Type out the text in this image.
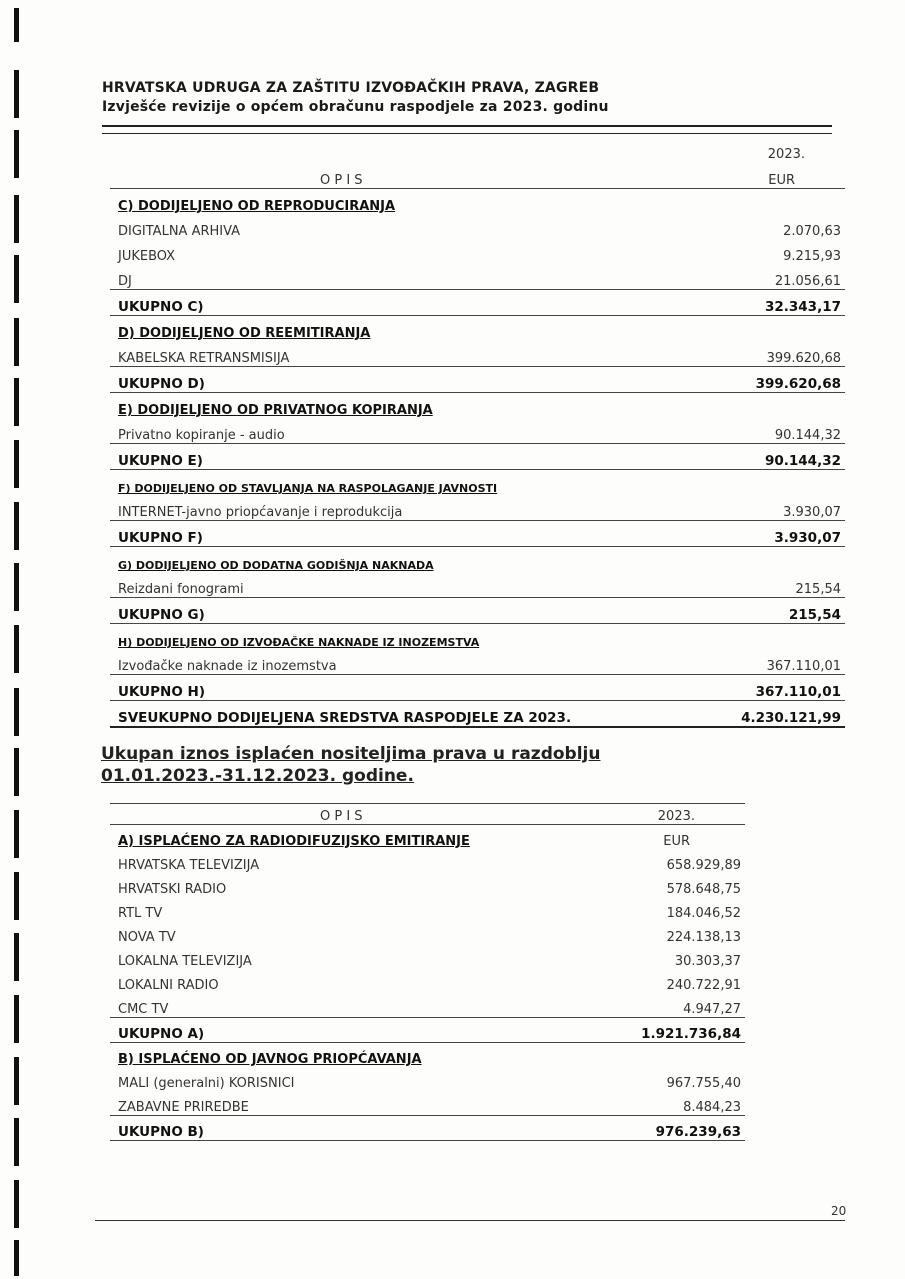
HRVATSKA UDRUGA ZA ZAŠTITU IZVOĐAČKIH PRAVA, ZAGREB
Izvješće revizije o općem obračunu raspodjele za 2023. godinu
2023.
O P I S	EUR
C) DODIJELJENO OD REPRODUCIRANJA
DIGITALNA ARHIVA	2.070,63
JUKEBOX	9.215,93
DJ	21.056,61
UKUPNO C)	32.343,17
D) DODIJELJENO OD REEMITIRANJA
KABELSKA RETRANSMISIJA	399.620,68
UKUPNO D)	399.620,68
E) DODIJELJENO OD PRIVATNOG KOPIRANJA
Privatno kopiranje - audio	90.144,32
UKUPNO E)	90.144,32
F) DODIJELJENO OD STAVLJANJA NA RASPOLAGANJE JAVNOSTI
INTERNET-javno priopćavanje i reprodukcija	3.930,07
UKUPNO F)	3.930,07
G) DODIJELJENO OD DODATNA GODIŠNJA NAKNADA
Reizdani fonogrami	215,54
UKUPNO G)	215,54
H) DODIJELJENO OD IZVOĐAČKE NAKNADE IZ INOZEMSTVA
Izvođačke naknade iz inozemstva	367.110,01
UKUPNO H)	367.110,01
SVEUKUPNO DODIJELJENA SREDSTVA RASPODJELE ZA 2023.	4.230.121,99
Ukupan iznos isplaćen nositeljima prava u razdoblju 01.01.2023.-31.12.2023. godine.
O P I S	2023.
A) ISPLAĆENO ZA RADIODIFUZIJSKO EMITIRANJE	EUR
HRVATSKA TELEVIZIJA	658.929,89
HRVATSKI RADIO	578.648,75
RTL TV	184.046,52
NOVA TV	224.138,13
LOKALNA TELEVIZIJA	30.303,37
LOKALNI RADIO	240.722,91
CMC TV	4.947,27
UKUPNO A)	1.921.736,84
B) ISPLAĆENO OD JAVNOG PRIOPĆAVANJA
MALI (generalni) KORISNICI	967.755,40
ZABAVNE PRIREDBE	8.484,23
UKUPNO B)	976.239,63
20
